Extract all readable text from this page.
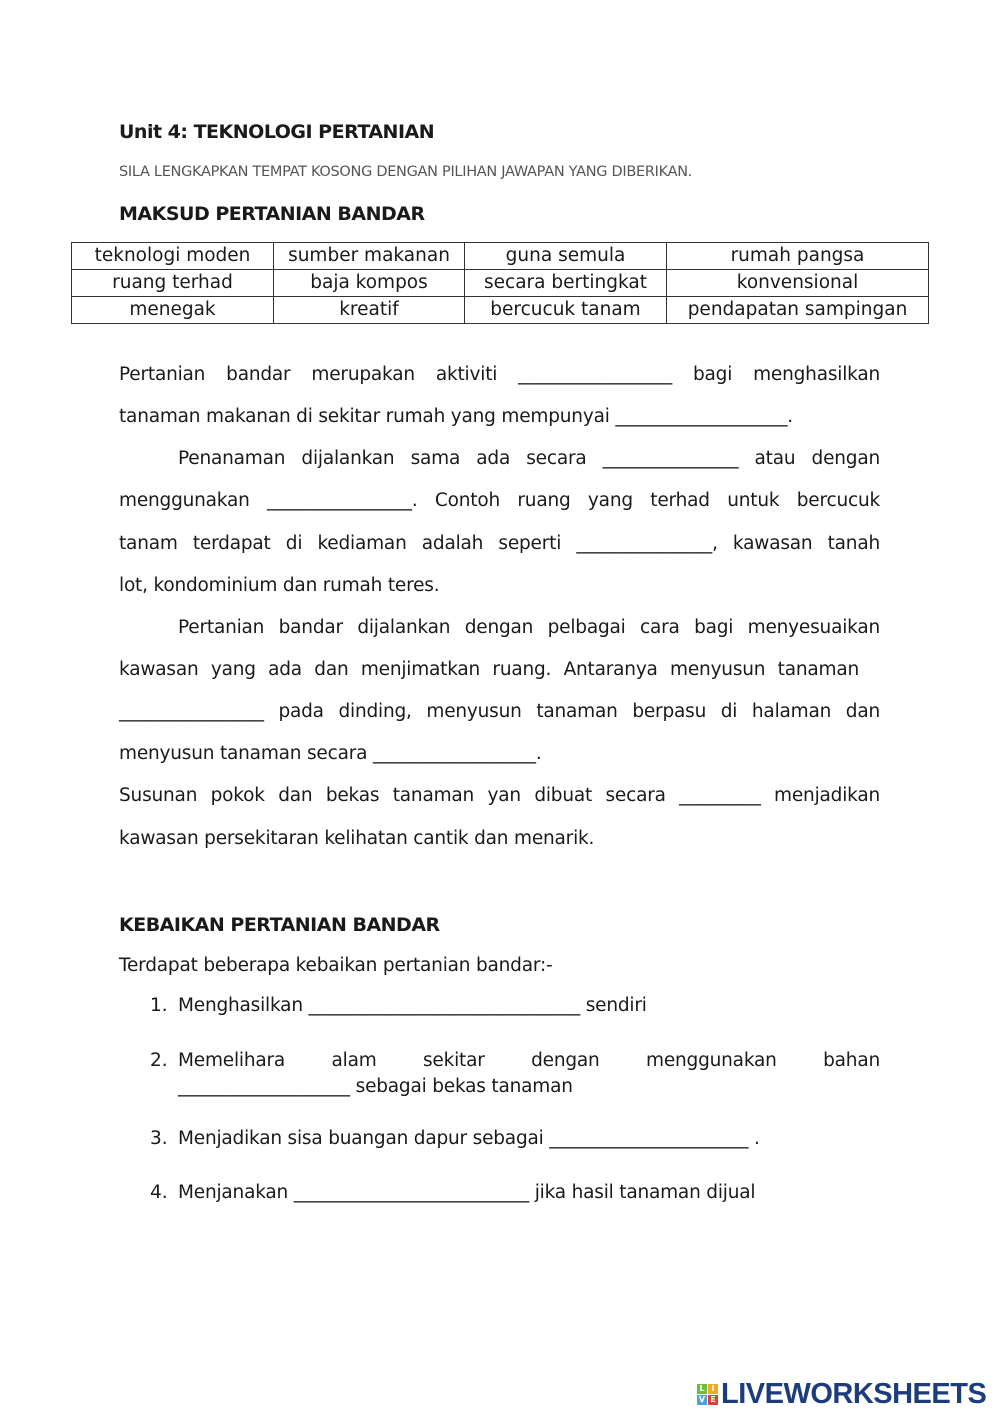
Unit 4: TEKNOLOGI PERTANIAN
SILA LENGKAPKAN TEMPAT KOSONG DENGAN PILIHAN JAWAPAN YANG DIBERIKAN.
MAKSUD PERTANIAN BANDAR
teknologi moden	sumber makanan	guna semula	rumah pangsa
ruang terhad	baja kompos	secara bertingkat	konvensional
menegak	kreatif	bercucuk tanam	pendapatan sampingan
Pertanian bandar merupakan aktiviti _________________ bagi menghasilkan
tanaman makanan di sekitar rumah yang mempunyai ___________________.
Penanaman dijalankan sama ada secara _______________ atau dengan
menggunakan ________________. Contoh ruang yang terhad untuk bercucuk
tanam terdapat di kediaman adalah seperti _______________, kawasan tanah
lot, kondominium dan rumah teres.
Pertanian bandar dijalankan dengan pelbagai cara bagi menyesuaikan
kawasan yang ada dan menjimatkan ruang. Antaranya menyusun tanaman
________________ pada dinding, menyusun tanaman berpasu di halaman dan
menyusun tanaman secara __________________.
Susunan pokok dan bekas tanaman yan dibuat secara _________ menjadikan
kawasan persekitaran kelihatan cantik dan menarik.
KEBAIKAN PERTANIAN BANDAR
Terdapat beberapa kebaikan pertanian bandar:-
1. Menghasilkan ______________________________ sendiri
2. Memelihara alam sekitar dengan menggunakan bahan
___________________ sebagai bekas tanaman
3. Menjadikan sisa buangan dapur sebagai ______________________ .
4. Menjanakan __________________________ jika hasil tanaman dijual
L I
V E LIVEWORKSHEETS
